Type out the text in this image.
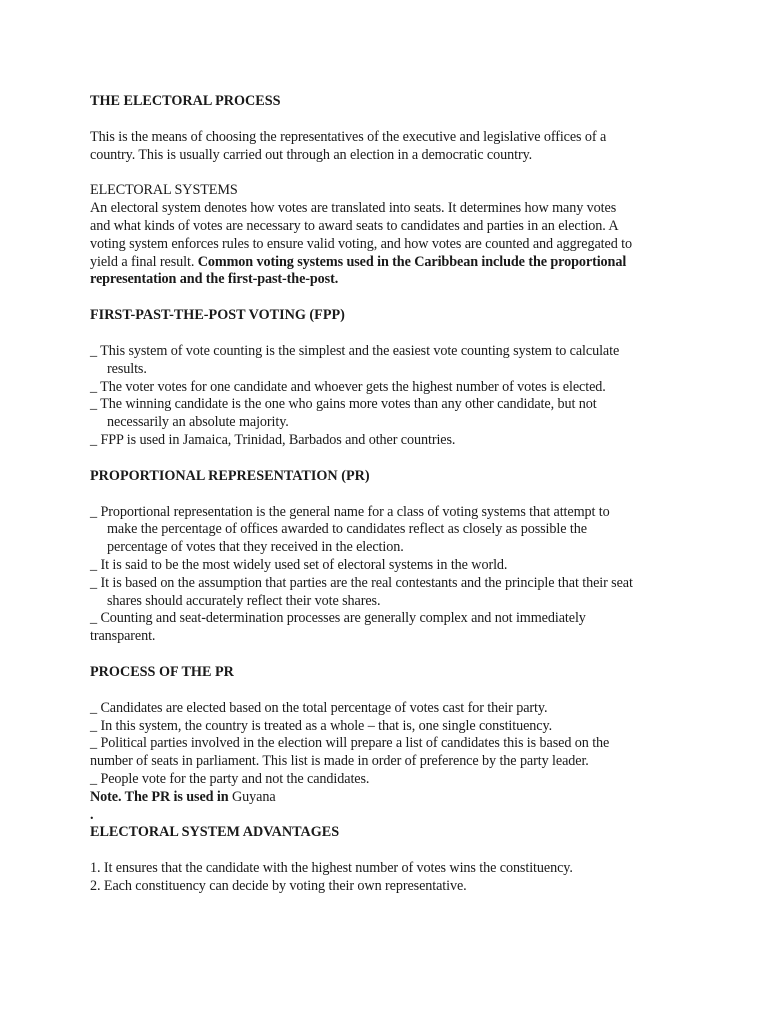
THE ELECTORAL PROCESS

This is the means of choosing the representatives of the executive and legislative offices of a

country. This is usually carried out through an election in a democratic country.

ELECTORAL SYSTEMS

An electoral system denotes how votes are translated into seats. It determines how many votes

and what kinds of votes are necessary to award seats to candidates and parties in an election. A

voting system enforces rules to ensure valid voting, and how votes are counted and aggregated to

yield a final result. Common voting systems used in the Caribbean include the proportional

representation and the first-past-the-post.

FIRST-PAST-THE-POST VOTING (FPP)

_ This system of vote counting is the simplest and the easiest vote counting system to calculate

results.

_ The voter votes for one candidate and whoever gets the highest number of votes is elected.

_ The winning candidate is the one who gains more votes than any other candidate, but not

necessarily an absolute majority.

_ FPP is used in Jamaica, Trinidad, Barbados and other countries.

PROPORTIONAL REPRESENTATION (PR)

_ Proportional representation is the general name for a class of voting systems that attempt to

make the percentage of offices awarded to candidates reflect as closely as possible the

percentage of votes that they received in the election.

_ It is said to be the most widely used set of electoral systems in the world.

_ It is based on the assumption that parties are the real contestants and the principle that their seat

shares should accurately reflect their vote shares.

_ Counting and seat-determination processes are generally complex and not immediately

transparent.

PROCESS OF THE PR

_ Candidates are elected based on the total percentage of votes cast for their party.

_ In this system, the country is treated as a whole – that is, one single constituency.

_ Political parties involved in the election will prepare a list of candidates this is based on the

number of seats in parliament. This list is made in order of preference by the party leader.

_ People vote for the party and not the candidates.

Note. The PR is used in Guyana

.

ELECTORAL SYSTEM ADVANTAGES

1. It ensures that the candidate with the highest number of votes wins the constituency.

2. Each constituency can decide by voting their own representative.
